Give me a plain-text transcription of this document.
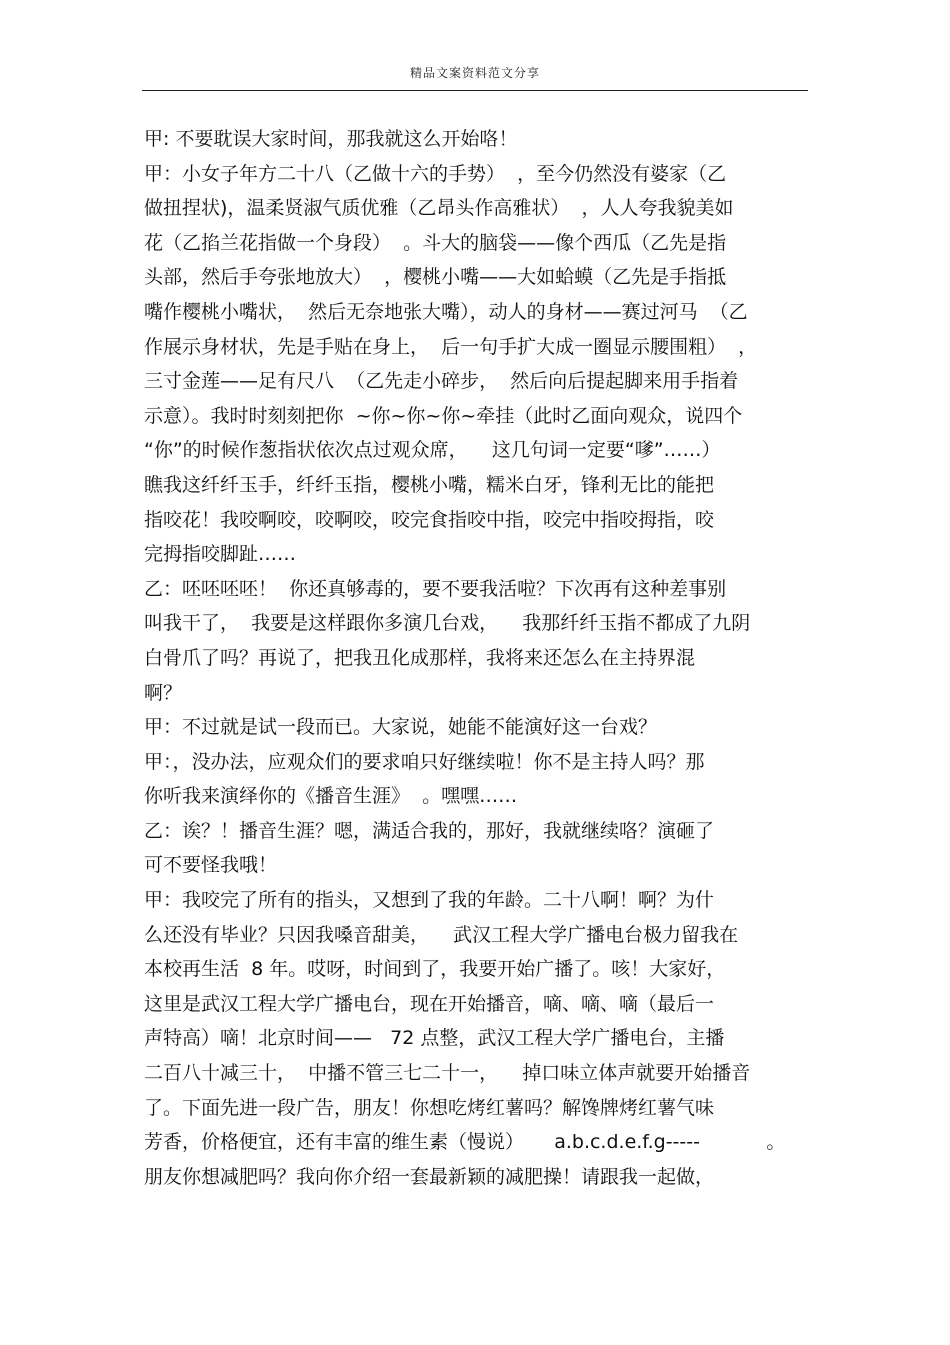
精品文案资料范文分享
甲: 不要耽误大家时间，那我就这么开始咯！
甲：小女子年方二十八（乙做十六的手势）  ，至今仍然没有婆家（乙
做扭捏状)，温柔贤淑气质优雅（乙昂头作高雅状）  ，人人夸我貌美如
花（乙掐兰花指做一个身段）  。斗大的脑袋——像个西瓜（乙先是指
头部，然后手夸张地放大）  ，樱桃小嘴——大如蛤蟆（乙先是手指抵
嘴作樱桃小嘴状，  然后无奈地张大嘴），动人的身材——赛过河马  （乙
作展示身材状，先是手贴在身上，  后一句手扩大成一圈显示腰围粗）  ，
三寸金莲——足有尺八  （乙先走小碎步，  然后向后提起脚来用手指着
示意）。我时时刻刻把你  ~你~你~你~牵挂（此时乙面向观众，说四个
“你”的时候作葱指状依次点过观众席，    这几句词一定要“嗲”……）
瞧我这纤纤玉手，纤纤玉指，樱桃小嘴，糯米白牙，锋利无比的能把
指咬花！我咬啊咬，咬啊咬，咬完食指咬中指，咬完中指咬拇指，咬
完拇指咬脚趾……
乙：呸呸呸呸！  你还真够毒的，要不要我活啦？下次再有这种差事别
叫我干了，  我要是这样跟你多演几台戏，    我那纤纤玉指不都成了九阴
白骨爪了吗？再说了，把我丑化成那样，我将来还怎么在主持界混
啊？
甲：不过就是试一段而已。大家说，她能不能演好这一台戏？
甲：，没办法，应观众们的要求咱只好继续啦！你不是主持人吗？那
你听我来演绎你的《播音生涯》  。嘿嘿……
乙：诶？！播音生涯？嗯，满适合我的，那好，我就继续咯？演砸了
可不要怪我哦！
甲：我咬完了所有的指头，又想到了我的年龄。二十八啊！啊？为什
么还没有毕业？只因我嗓音甜美，    武汉工程大学广播电台极力留我在
本校再生活  8 年。哎呀，时间到了，我要开始广播了。咳！大家好，
这里是武汉工程大学广播电台，现在开始播音，嘀、嘀、嘀（最后一
声特高）嘀！北京时间——   72 点整，武汉工程大学广播电台，主播
二百八十减三十，  中播不管三七二十一，    掉口味立体声就要开始播音
了。下面先进一段广告，朋友！你想吃烤红薯吗？解馋牌烤红薯气味
芳香，价格便宜，还有丰富的维生素（慢说）     a.b.c.d.e.f.g-----           。
朋友你想减肥吗？我向你介绍一套最新颖的减肥操！请跟我一起做，
